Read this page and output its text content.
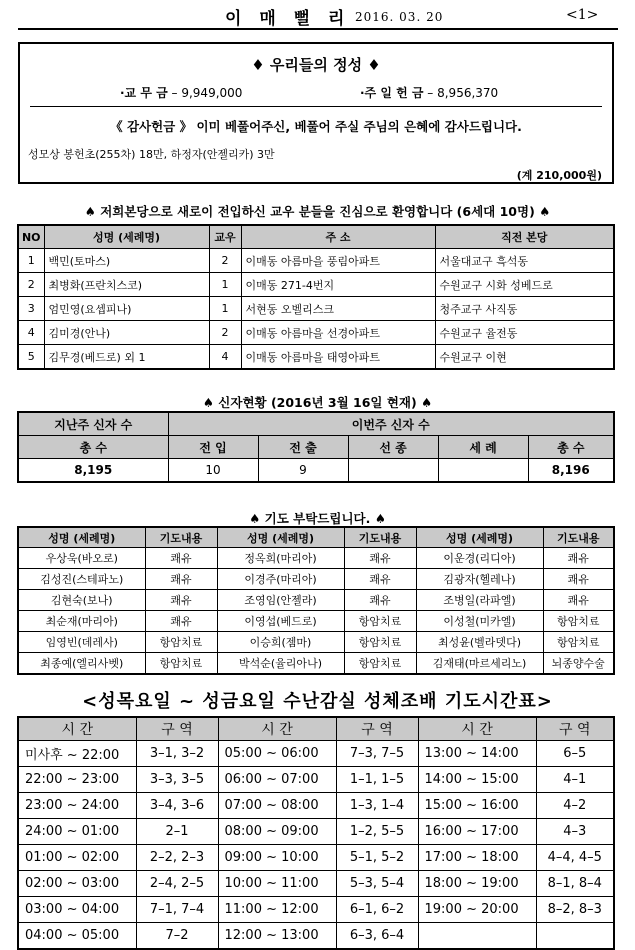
이 매 뻘 리 2016. 03. 20	<1>
♦ 우리들의 정성 ♦
·교 무 금 – 9,949,000	·주 일 헌 금 – 8,956,370
《 감사헌금 》 이미 베풀어주신, 베풀어 주실 주님의 은혜에 감사드립니다.
성모상 봉헌초(255차) 18만, 하정자(안젤리카) 3만
(계 210,000원)
♠ 저희본당으로 새로이 전입하신 교우 분들을 진심으로 환영합니다 (6세대 10명) ♠
NO	성명 (세례명)	교우	주 소	직전 본당
1	백민(토마스)	2	이매동 아름마을 풍림아파트	서울대교구 흑석동
2	최병화(프란치스코)	1	이매동 271-4번지	수원교구 시화 성베드로
3	엄민영(요셉피나)	1	서현동 오벨리스크	청주교구 사직동
4	김미경(안나)	2	이매동 아름마을 선경아파트	수원교구 율전동
5	김무경(베드로) 외 1	4	이매동 아름마을 태영아파트	수원교구 이현
♠ 신자현황 (2016년 3월 16일 현재) ♠
지난주 신자 수	이번주 신자 수				
총 수	전 입	전 출	선 종	세 례	총 수
8,195	10	9			8,196
♠ 기도 부탁드립니다. ♠
성명 (세례명)	기도내용	성명 (세례명)	기도내용	성명 (세례명)	기도내용
우상욱(바오로)	쾌유	정옥희(마리아)	쾌유	이운경(리디아)	쾌유
김성진(스테파노)	쾌유	이경주(마리아)	쾌유	김광자(헬레나)	쾌유
김현숙(보나)	쾌유	조영임(안젤라)	쾌유	조병일(라파엘)	쾌유
최순재(마리아)	쾌유	이영섭(베드로)	항암치료	이성철(미카엘)	항암치료
임영빈(데레사)	항암치료	이승희(젬마)	항암치료	최성윤(벨라뎃다)	항암치료
최종예(엘리사벳)	항암치료	박석순(율리아나)	항암치료	김재태(마르세리노)	뇌종양수술
<성목요일 ~ 성금요일 수난감실 성체조배 기도시간표>
시 간	구 역	시 간	구 역	시 간	구 역
미사후 ~ 22:00	3–1, 3–2	05:00 ~ 06:00	7–3, 7–5	13:00 ~ 14:00	6–5
22:00 ~ 23:00	3–3, 3–5	06:00 ~ 07:00	1–1, 1–5	14:00 ~ 15:00	4–1
23:00 ~ 24:00	3–4, 3–6	07:00 ~ 08:00	1–3, 1–4	15:00 ~ 16:00	4–2
24:00 ~ 01:00	2–1	08:00 ~ 09:00	1–2, 5–5	16:00 ~ 17:00	4–3
01:00 ~ 02:00	2–2, 2–3	09:00 ~ 10:00	5–1, 5–2	17:00 ~ 18:00	4–4, 4–5
02:00 ~ 03:00	2–4, 2–5	10:00 ~ 11:00	5–3, 5–4	18:00 ~ 19:00	8–1, 8–4
03:00 ~ 04:00	7–1, 7–4	11:00 ~ 12:00	6–1, 6–2	19:00 ~ 20:00	8–2, 8–3
04:00 ~ 05:00	7–2	12:00 ~ 13:00	6–3, 6–4		
